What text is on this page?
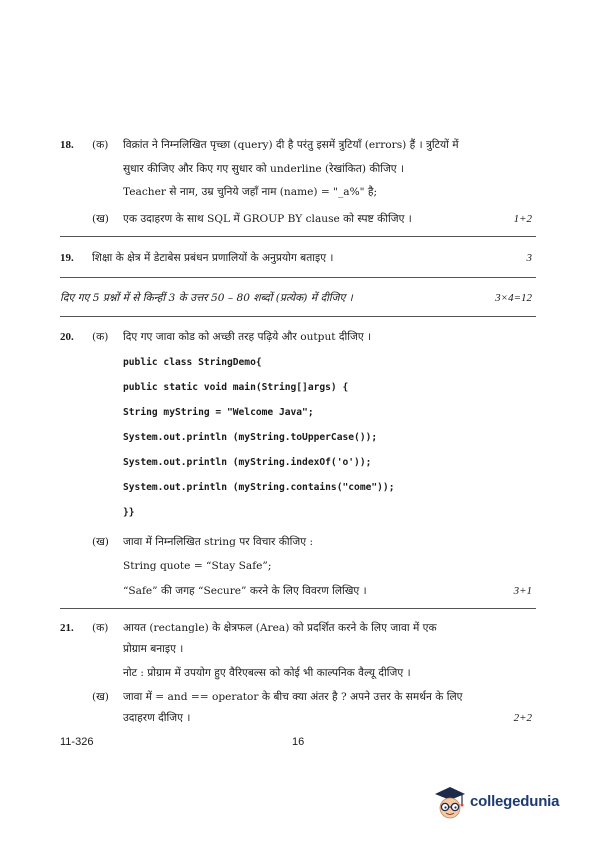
18. (क) विक्रांत ने निम्नलिखित पृच्छा (query) दी है परंतु इसमें त्रुटियाँ (errors) हैं । त्रुटियों में
सुधार कीजिए और किए गए सुधार को underline (रेखांकित) कीजिए ।
Teacher से नाम, उम्र चुनिये जहाँ नाम (name) = "_a%" है;
(ख) एक उदाहरण के साथ SQL में GROUP BY clause को स्पष्ट कीजिए ।	1+2
19. शिक्षा के क्षेत्र में डेटाबेस प्रबंधन प्रणालियों के अनुप्रयोग बताइए ।	3
दिए गए 5 प्रश्नों में से किन्हीं 3 के उत्तर 50 – 80 शब्दों (प्रत्येक) में दीजिए ।	3×4=12
20. (क) दिए गए जावा कोड को अच्छी तरह पढ़िये और output दीजिए ।
public class StringDemo{
public static void main(String[]args) {
String myString = "Welcome Java";
System.out.println (myString.toUpperCase());
System.out.println (myString.indexOf('o'));
System.out.println (myString.contains("come"));
}}
(ख) जावा में निम्नलिखित string पर विचार कीजिए :
String quote = “Stay Safe”;
“Safe” की जगह “Secure” करने के लिए विवरण लिखिए ।	3+1
21. (क) आयत (rectangle) के क्षेत्रफल (Area) को प्रदर्शित करने के लिए जावा में एक
प्रोग्राम बनाइए ।
नोट : प्रोग्राम में उपयोग हुए वैरिएबल्स को कोई भी काल्पनिक वैल्यू दीजिए ।
(ख) जावा में = and == operator के बीच क्या अंतर है ? अपने उत्तर के समर्थन के लिए
उदाहरण दीजिए ।	2+2
11-326	16
collegedunia
